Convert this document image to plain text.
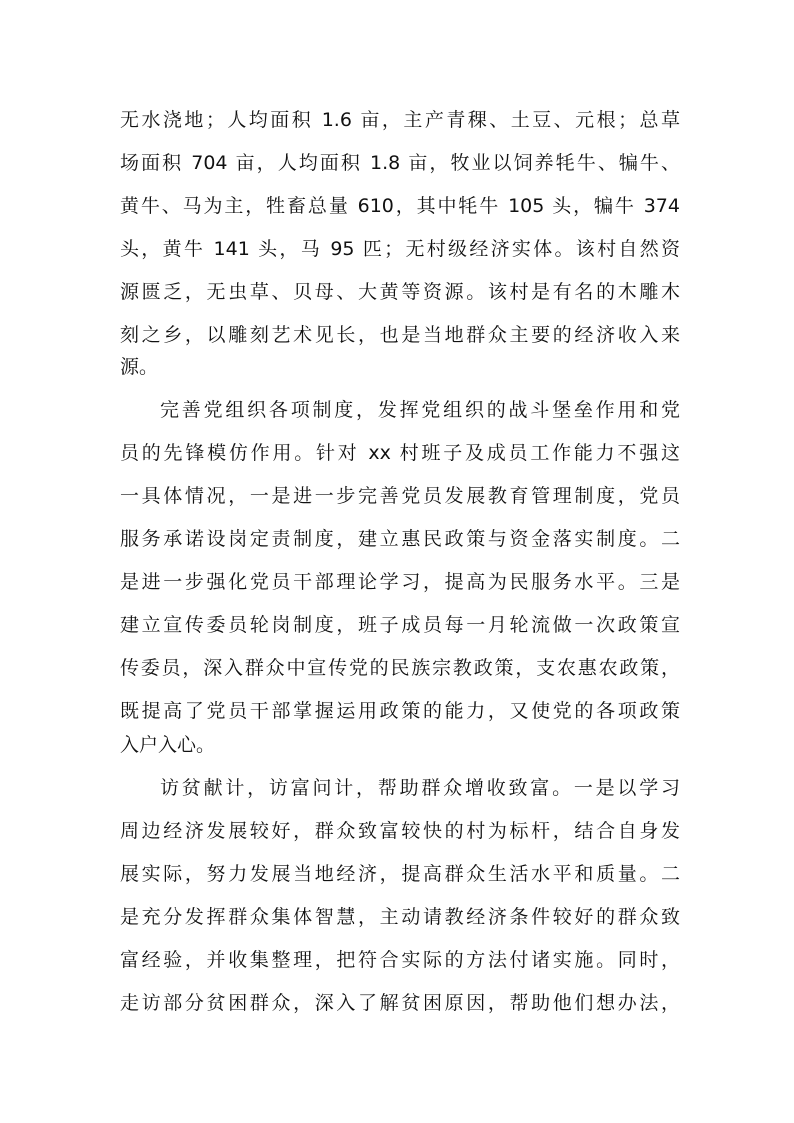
无水浇地；人均面积 1.6 亩，主产青稞、土豆、元根；总草
场面积 704 亩，人均面积 1.8 亩，牧业以饲养牦牛、犏牛、
黄牛、马为主，牲畜总量 610，其中牦牛 105 头，犏牛 374
头，黄牛 141 头，马 95 匹；无村级经济实体。该村自然资
源匮乏，无虫草、贝母、大黄等资源。该村是有名的木雕木
刻之乡，以雕刻艺术见长，也是当地群众主要的经济收入来
源。
完善党组织各项制度，发挥党组织的战斗堡垒作用和党
员的先锋模仿作用。针对 xx 村班子及成员工作能力不强这
一具体情况，一是进一步完善党员发展教育管理制度，党员
服务承诺设岗定责制度，建立惠民政策与资金落实制度。二
是进一步强化党员干部理论学习，提高为民服务水平。三是
建立宣传委员轮岗制度，班子成员每一月轮流做一次政策宣
传委员，深入群众中宣传党的民族宗教政策，支农惠农政策，
既提高了党员干部掌握运用政策的能力，又使党的各项政策
入户入心。
访贫献计，访富问计，帮助群众增收致富。一是以学习
周边经济发展较好，群众致富较快的村为标杆，结合自身发
展实际，努力发展当地经济，提高群众生活水平和质量。二
是充分发挥群众集体智慧，主动请教经济条件较好的群众致
富经验，并收集整理，把符合实际的方法付诸实施。同时，
走访部分贫困群众，深入了解贫困原因，帮助他们想办法，
